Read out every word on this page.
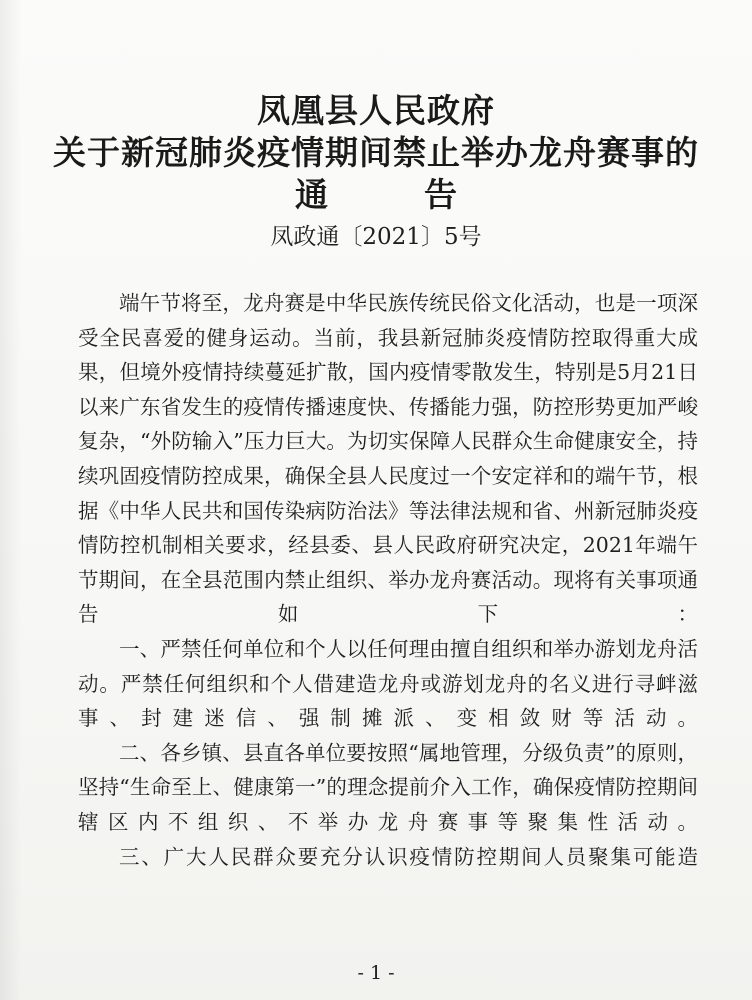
凤凰县人民政府
关于新冠肺炎疫情期间禁止举办龙舟赛事的
通	告
凤政通〔2021〕5号

端午节将至，龙舟赛是中华民族传统民俗文化活动，也是一项深受全民喜爱的健身运动。当前，我县新冠肺炎疫情防控取得重大成果，但境外疫情持续蔓延扩散，国内疫情零散发生，特别是5月21日以来广东省发生的疫情传播速度快、传播能力强，防控形势更加严峻复杂，“外防输入”压力巨大。为切实保障人民群众生命健康安全，持续巩固疫情防控成果，确保全县人民度过一个安定祥和的端午节，根据《中华人民共和国传染病防治法》等法律法规和省、州新冠肺炎疫情防控机制相关要求，经县委、县人民政府研究决定，2021年端午节期间，在全县范围内禁止组织、举办龙舟赛活动。现将有关事项通告如下：

一、严禁任何单位和个人以任何理由擅自组织和举办游划龙舟活动。严禁任何组织和个人借建造龙舟或游划龙舟的名义进行寻衅滋事、封建迷信、强制摊派、变相敛财等活动。

二、各乡镇、县直各单位要按照“属地管理，分级负责”的原则，坚持“生命至上、健康第一”的理念提前介入工作，确保疫情防控期间辖区内不组织、不举办龙舟赛事等聚集性活动。

三、广大人民群众要充分认识疫情防控期间人员聚集可能造

- 1 -
